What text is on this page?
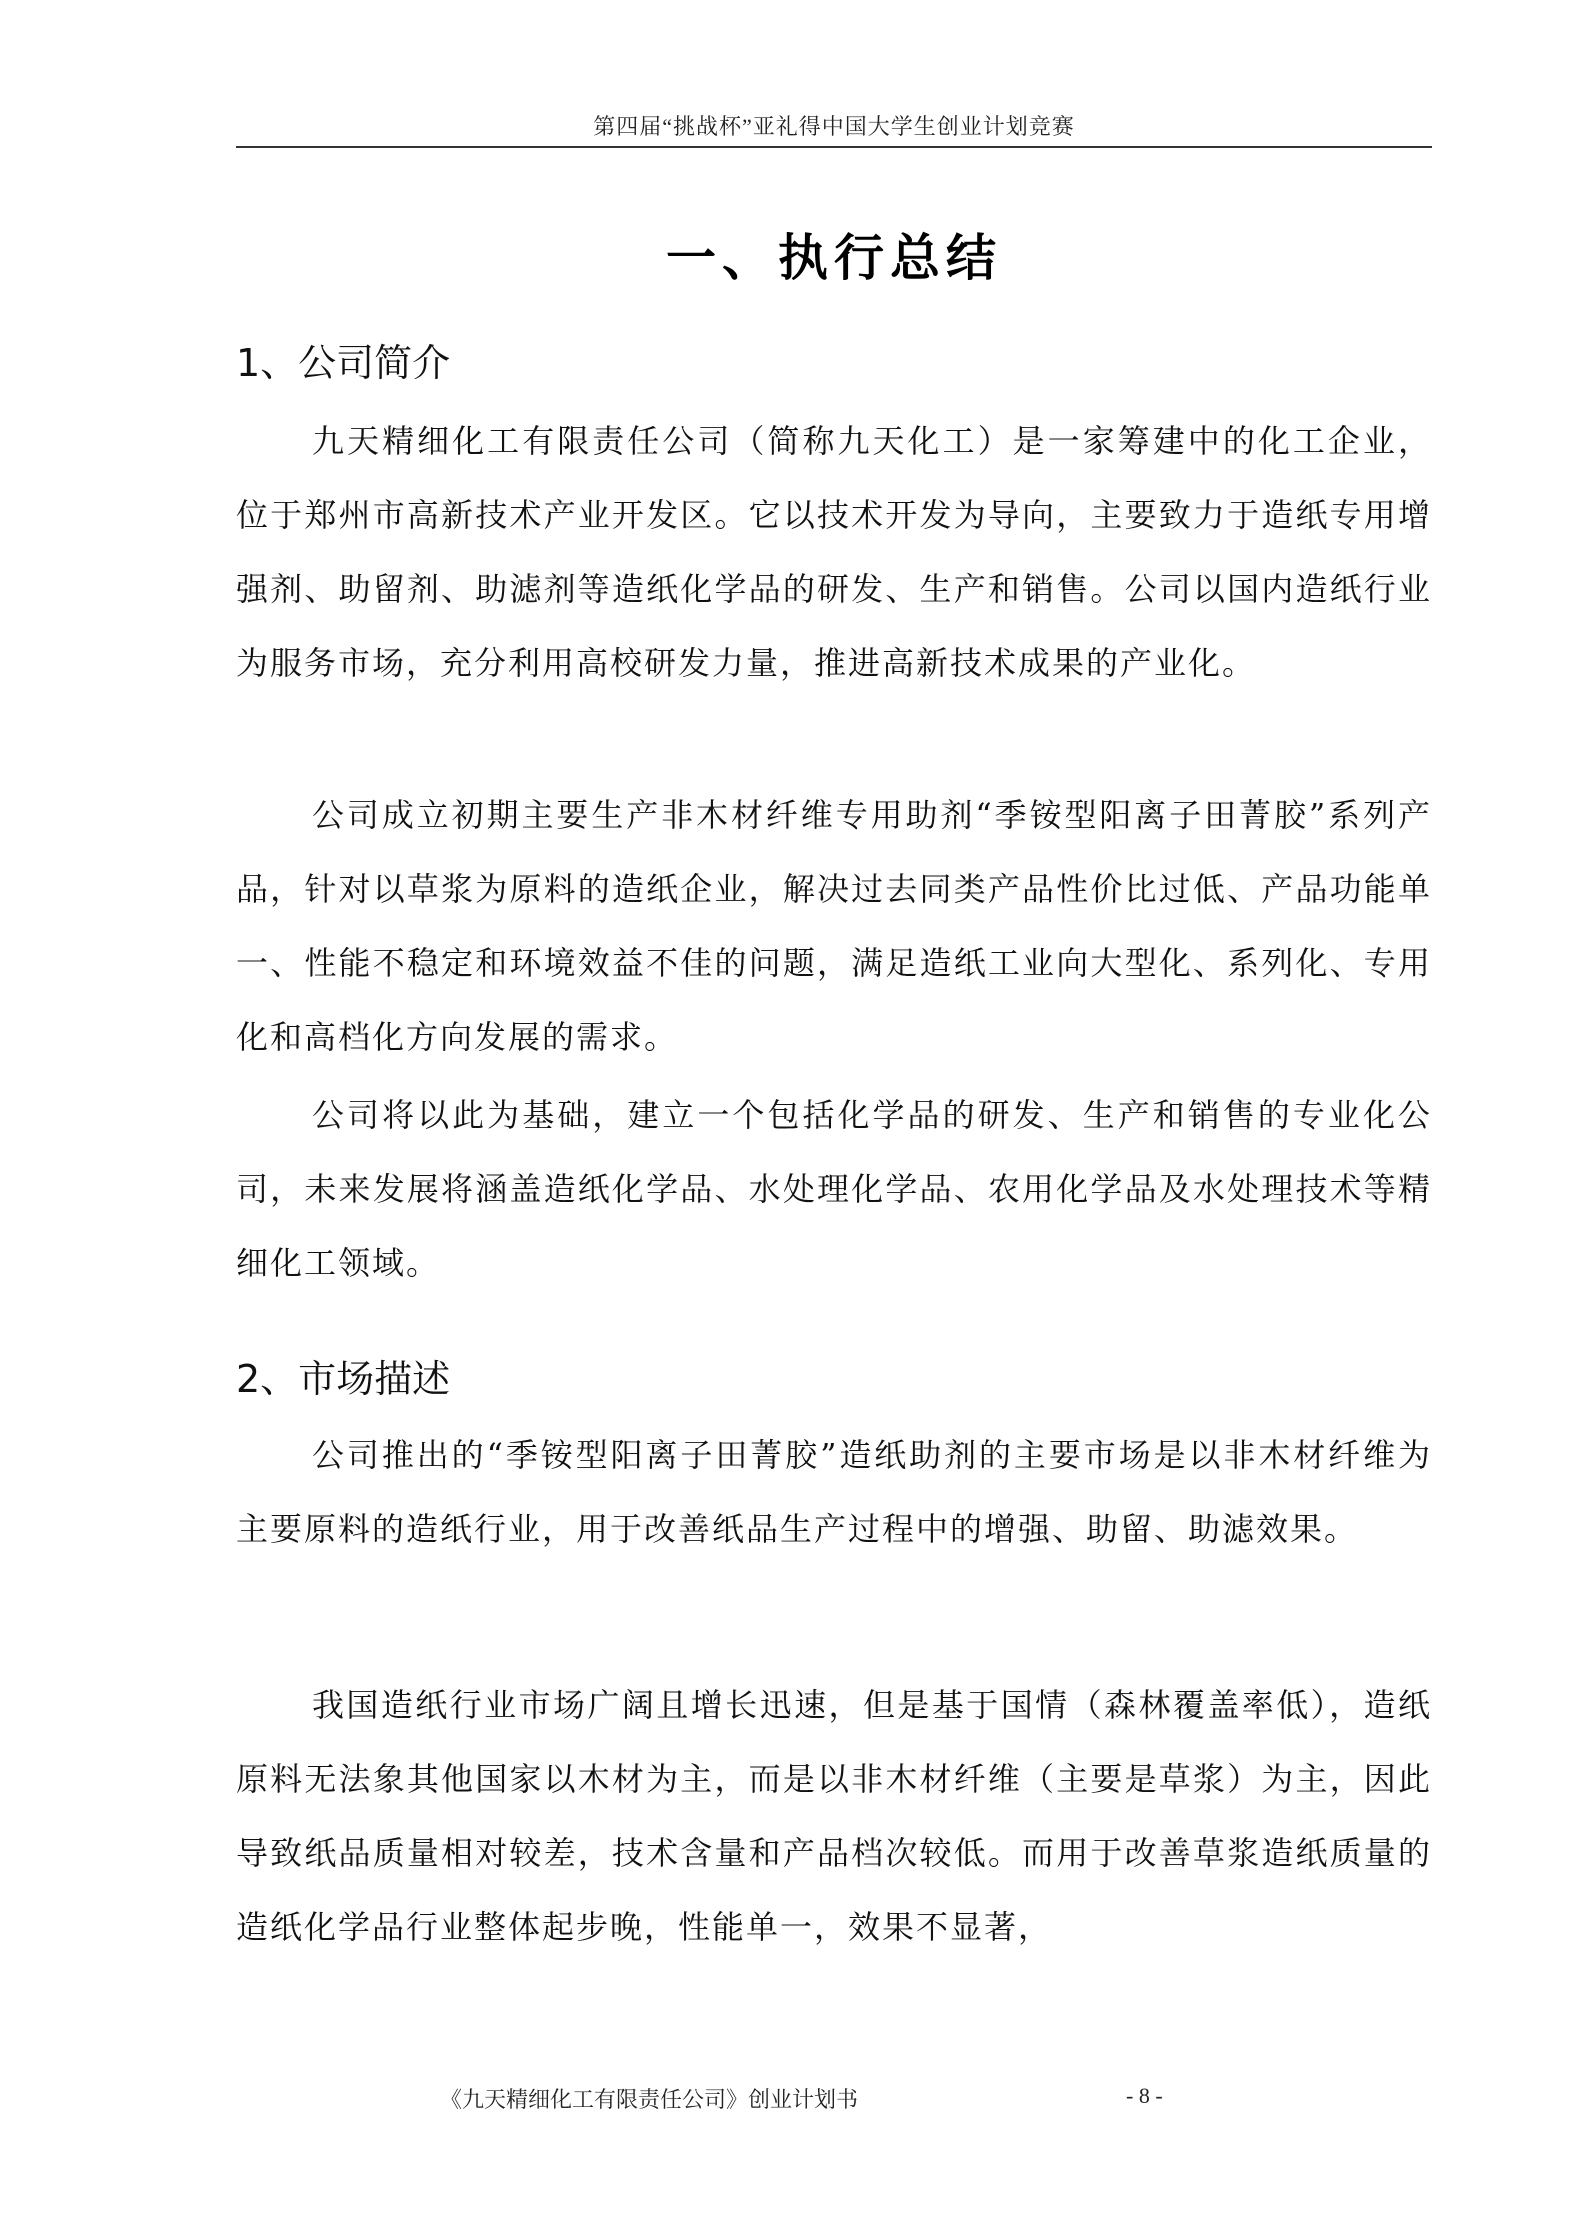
第四届“挑战杯”亚礼得中国大学生创业计划竞赛
一、执行总结
1、公司简介

九天精细化工有限责任公司（简称九天化工）是一家筹建中的化工企业，位于郑州市高新技术产业开发区。它以技术开发为导向，主要致力于造纸专用增强剂、助留剂、助滤剂等造纸化学品的研发、生产和销售。公司以国内造纸行业为服务市场，充分利用高校研发力量，推进高新技术成果的产业化。

公司成立初期主要生产非木材纤维专用助剂“季铵型阳离子田菁胶”系列产品，针对以草浆为原料的造纸企业，解决过去同类产品性价比过低、产品功能单一、性能不稳定和环境效益不佳的问题，满足造纸工业向大型化、系列化、专用化和高档化方向发展的需求。

公司将以此为基础，建立一个包括化学品的研发、生产和销售的专业化公司，未来发展将涵盖造纸化学品、水处理化学品、农用化学品及水处理技术等精细化工领域。

2、市场描述

公司推出的“季铵型阳离子田菁胶”造纸助剂的主要市场是以非木材纤维为主要原料的造纸行业，用于改善纸品生产过程中的增强、助留、助滤效果。

我国造纸行业市场广阔且增长迅速，但是基于国情（森林覆盖率低），造纸原料无法象其他国家以木材为主，而是以非木材纤维（主要是草浆）为主，因此导致纸品质量相对较差，技术含量和产品档次较低。而用于改善草浆造纸质量的造纸化学品行业整体起步晚，性能单一，效果不显著，

《九天精细化工有限责任公司》创业计划书	- 8 -
